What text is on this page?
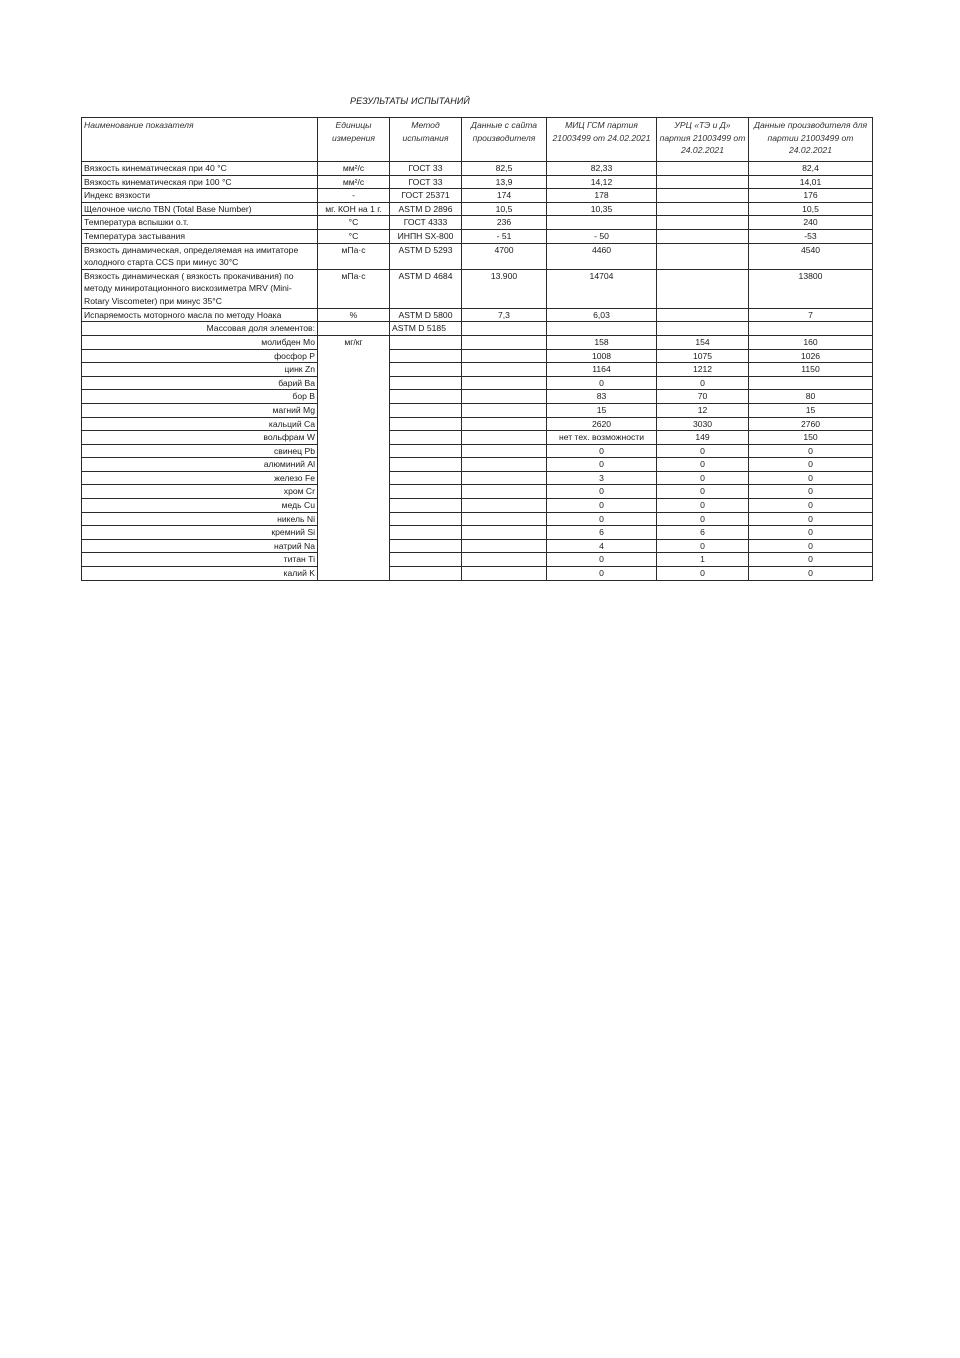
РЕЗУЛЬТАТЫ ИСПЫТАНИЙ
Наименование показателя	Единицы измерения	Метод испытания	Данные с сайта производителя	МИЦ ГСМ партия 21003499 от 24.02.2021	УРЦ «ТЭ и Д» партия 21003499 от 24.02.2021	Данные производителя для партии 21003499 от 24.02.2021
Вязкость кинематическая при 40 °С	мм²/с	ГОСТ 33	82,5	82,33		82,4
Вязкость кинематическая при 100 °С	мм²/с	ГОСТ 33	13,9	14,12		14,01
Индекс вязкости	-	ГОСТ 25371	174	178		176
Щелочное число TBN (Total Base Number)	мг. КОН на 1 г.	ASTM D 2896	10,5	10,35		10,5
Температура вспышки о.т.	°С	ГОСТ 4333	236			240
Температура застывания	°С	ИНПН SX-800	- 51	- 50		-53
Вязкость динамическая, определяемая на имитаторе холодного старта CCS при минус 30°С	мПа·с	ASTM D 5293	4700	4460		4540
Вязкость динамическая ( вязкость прокачивания) по методу миниротационного вискозиметра MRV (Mini-Rotary Viscometer) при минус 35°С	мПа·с	ASTM D 4684	13.900	14704		13800
Испаряемость моторного масла по методу Ноака	%	ASTM D 5800	7,3	6,03		7
Массовая доля элементов:		ASTM D 5185				
молибден Mo	мг/кг			158	154	160
фосфор P				1008	1075	1026
цинк Zn				1164	1212	1150
барий Ba				0	0	
бор B				83	70	80
магний Mg				15	12	15
кальций Ca				2620	3030	2760
вольфрам W				нет тех. возможности	149	150
свинец Pb				0	0	0
алюминий Al				0	0	0
железо Fe				3	0	0
хром Cr				0	0	0
медь Cu				0	0	0
никель Ni				0	0	0
кремний Si				6	6	0
натрий Na				4	0	0
титан Ti				0	1	0
калий K				0	0	0
